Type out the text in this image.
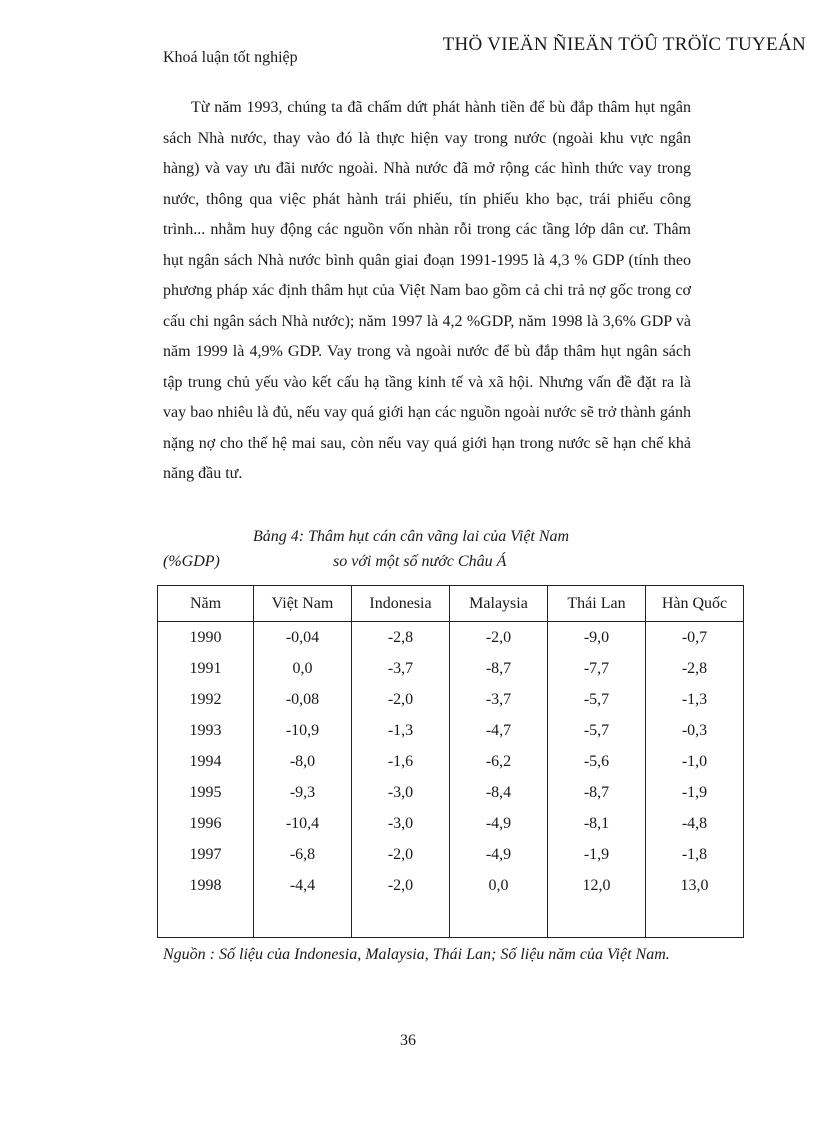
Khoá luận tốt nghiệp
THÖ VIEÄN ÑIEÄN TÖÛ TRÖÏC TUYEÁN

Từ năm 1993, chúng ta đã chấm dứt phát hành tiền để bù đắp thâm hụt ngân sách Nhà nước, thay vào đó là thực hiện vay trong nước (ngoài khu vực ngân hàng) và vay ưu đãi nước ngoài. Nhà nước đã mở rộng các hình thức vay trong nước, thông qua việc phát hành trái phiếu, tín phiếu kho bạc, trái phiếu công trình... nhằm huy động các nguồn vốn nhàn rỗi trong các tầng lớp dân cư. Thâm hụt ngân sách Nhà nước bình quân giai đoạn 1991-1995 là 4,3 % GDP (tính theo phương pháp xác định thâm hụt của Việt Nam bao gồm cả chi trả nợ gốc trong cơ cấu chi ngân sách Nhà nước); năm 1997 là 4,2 %GDP, năm 1998 là 3,6% GDP và năm 1999 là 4,9% GDP. Vay trong và ngoài nước để bù đắp thâm hụt ngân sách tập trung chủ yếu vào kết cấu hạ tầng kinh tế và xã hội. Nhưng vấn đề đặt ra là vay bao nhiêu là đủ, nếu vay quá giới hạn các nguồn ngoài nước sẽ trở thành gánh nặng nợ cho thế hệ mai sau, còn nếu vay quá giới hạn trong nước sẽ hạn chế khả năng đầu tư.

Bảng 4: Thâm hụt cán cân vãng lai của Việt Nam
(%GDP)	so với một số nước Châu Á
Năm	Việt Nam	Indonesia	Malaysia	Thái Lan	Hàn Quốc
1990	-0,04	-2,8	-2,0	-9,0	-0,7
1991	0,0	-3,7	-8,7	-7,7	-2,8
1992	-0,08	-2,0	-3,7	-5,7	-1,3
1993	-10,9	-1,3	-4,7	-5,7	-0,3
1994	-8,0	-1,6	-6,2	-5,6	-1,0
1995	-9,3	-3,0	-8,4	-8,7	-1,9
1996	-10,4	-3,0	-4,9	-8,1	-4,8
1997	-6,8	-2,0	-4,9	-1,9	-1,8
1998	-4,4	-2,0	0,0	12,0	13,0

Nguồn : Số liệu của Indonesia, Malaysia, Thái Lan; Số liệu năm của Việt Nam.

36
